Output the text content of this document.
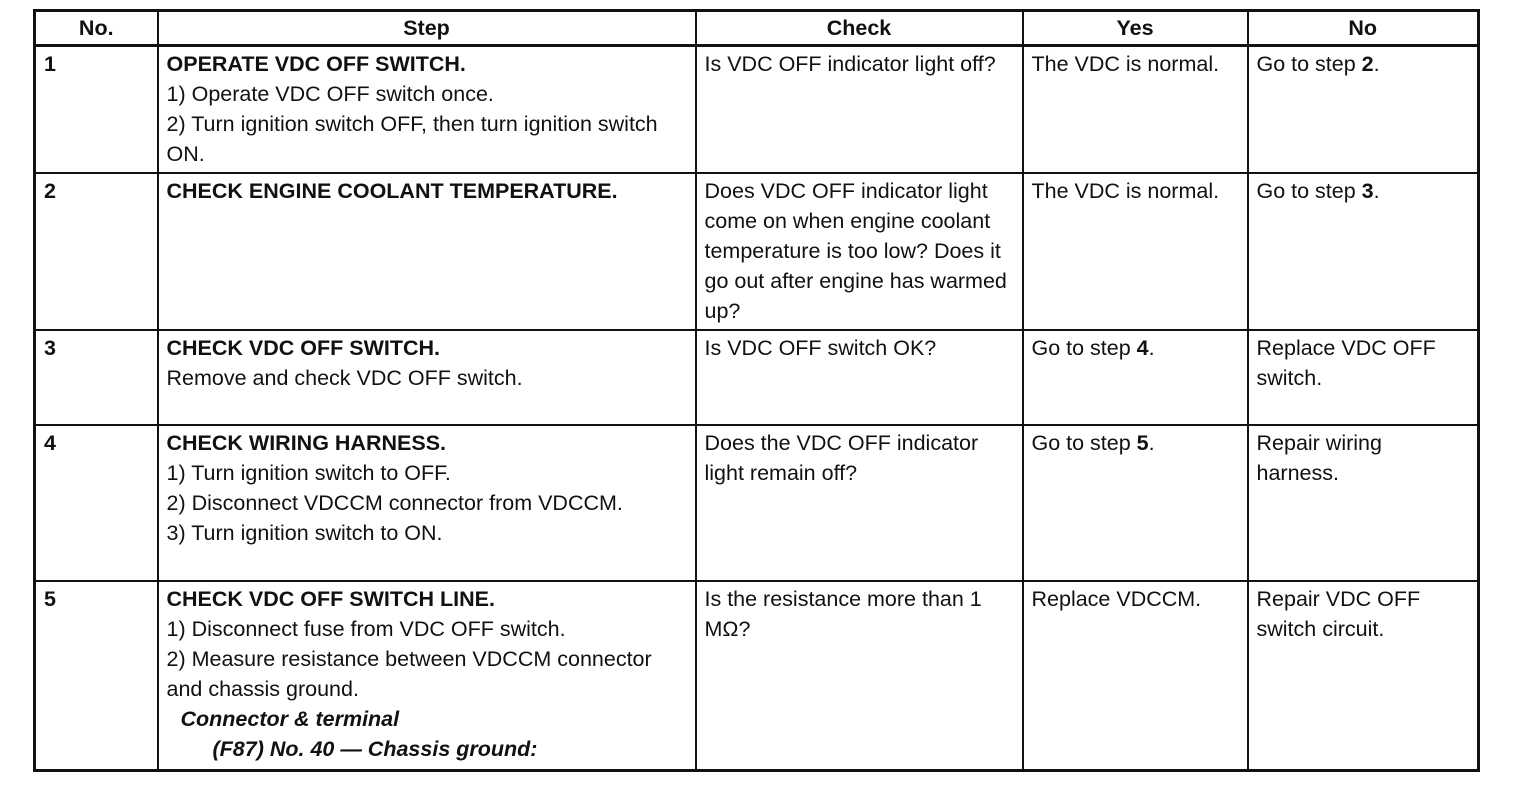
No.	Step	Check	Yes	No
1	OPERATE VDC OFF SWITCH.
1) Operate VDC OFF switch once.
2) Turn ignition switch OFF, then turn ignition switch ON.	Is VDC OFF indicator light off?	The VDC is normal.	Go to step 2.
2	CHECK ENGINE COOLANT TEMPERATURE.	Does VDC OFF indicator light come on when engine coolant temperature is too low? Does it go out after engine has warmed up?	The VDC is normal.	Go to step 3.
3	CHECK VDC OFF SWITCH.
Remove and check VDC OFF switch.	Is VDC OFF switch OK?	Go to step 4.	Replace VDC OFF switch.
4	CHECK WIRING HARNESS.
1) Turn ignition switch to OFF.
2) Disconnect VDCCM connector from VDCCM.
3) Turn ignition switch to ON.	Does the VDC OFF indicator light remain off?	Go to step 5.	Repair wiring harness.
5	CHECK VDC OFF SWITCH LINE.
1) Disconnect fuse from VDC OFF switch.
2) Measure resistance between VDCCM connector and chassis ground.
Connector & terminal
(F87) No. 40 — Chassis ground:	Is the resistance more than 1 MΩ?	Replace VDCCM.	Repair VDC OFF switch circuit.
